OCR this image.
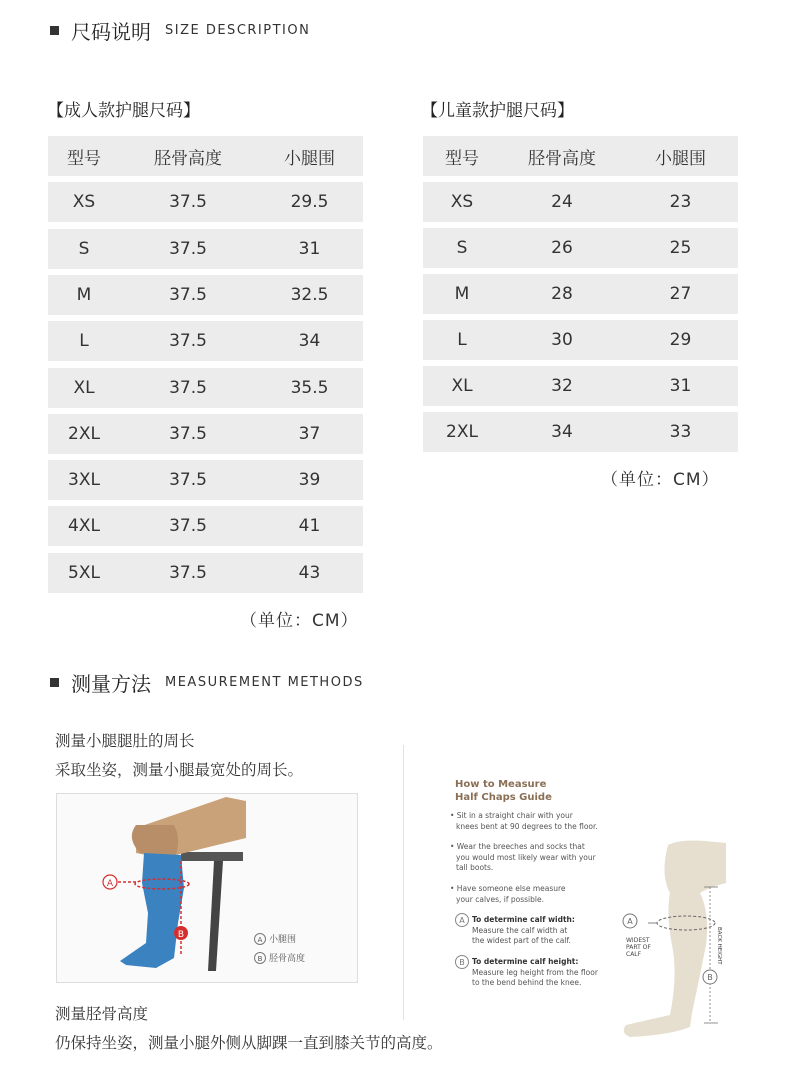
尺码说明 SIZE DESCRIPTION
【成人款护腿尺码】
型号	胫骨高度	小腿围
XS	37.5	29.5
S	37.5	31
M	37.5	32.5
L	37.5	34
XL	37.5	35.5
2XL	37.5	37
3XL	37.5	39
4XL	37.5	41
5XL	37.5	43
（单位：CM）
【儿童款护腿尺码】
型号	胫骨高度	小腿围
XS	24	23
S	26	25
M	28	27
L	30	29
XL	32	31
2XL	34	33
（单位：CM）
测量方法 MEASUREMENT METHODS
测量小腿腿肚的周长
采取坐姿，测量小腿最宽处的周长。
A
B	A 小腿围
B 胫骨高度
测量胫骨高度
仍保持坐姿，测量小腿外侧从脚踝一直到膝关节的高度。
How to Measure
Half Chaps Guide
• Sit in a straight chair with your
knees bent at 90 degrees to the floor.
• Wear the breeches and socks that
you would most likely wear with your
tall boots.
• Have someone else measure
your calves, if possible.
A To determine calf width:
Measure the calf width at
the widest part of the calf.
B To determine calf height:
Measure leg height from the floor
to the bend behind the knee.
A
WIDEST
PART OF
CALF
B
BACK HEIGHT
